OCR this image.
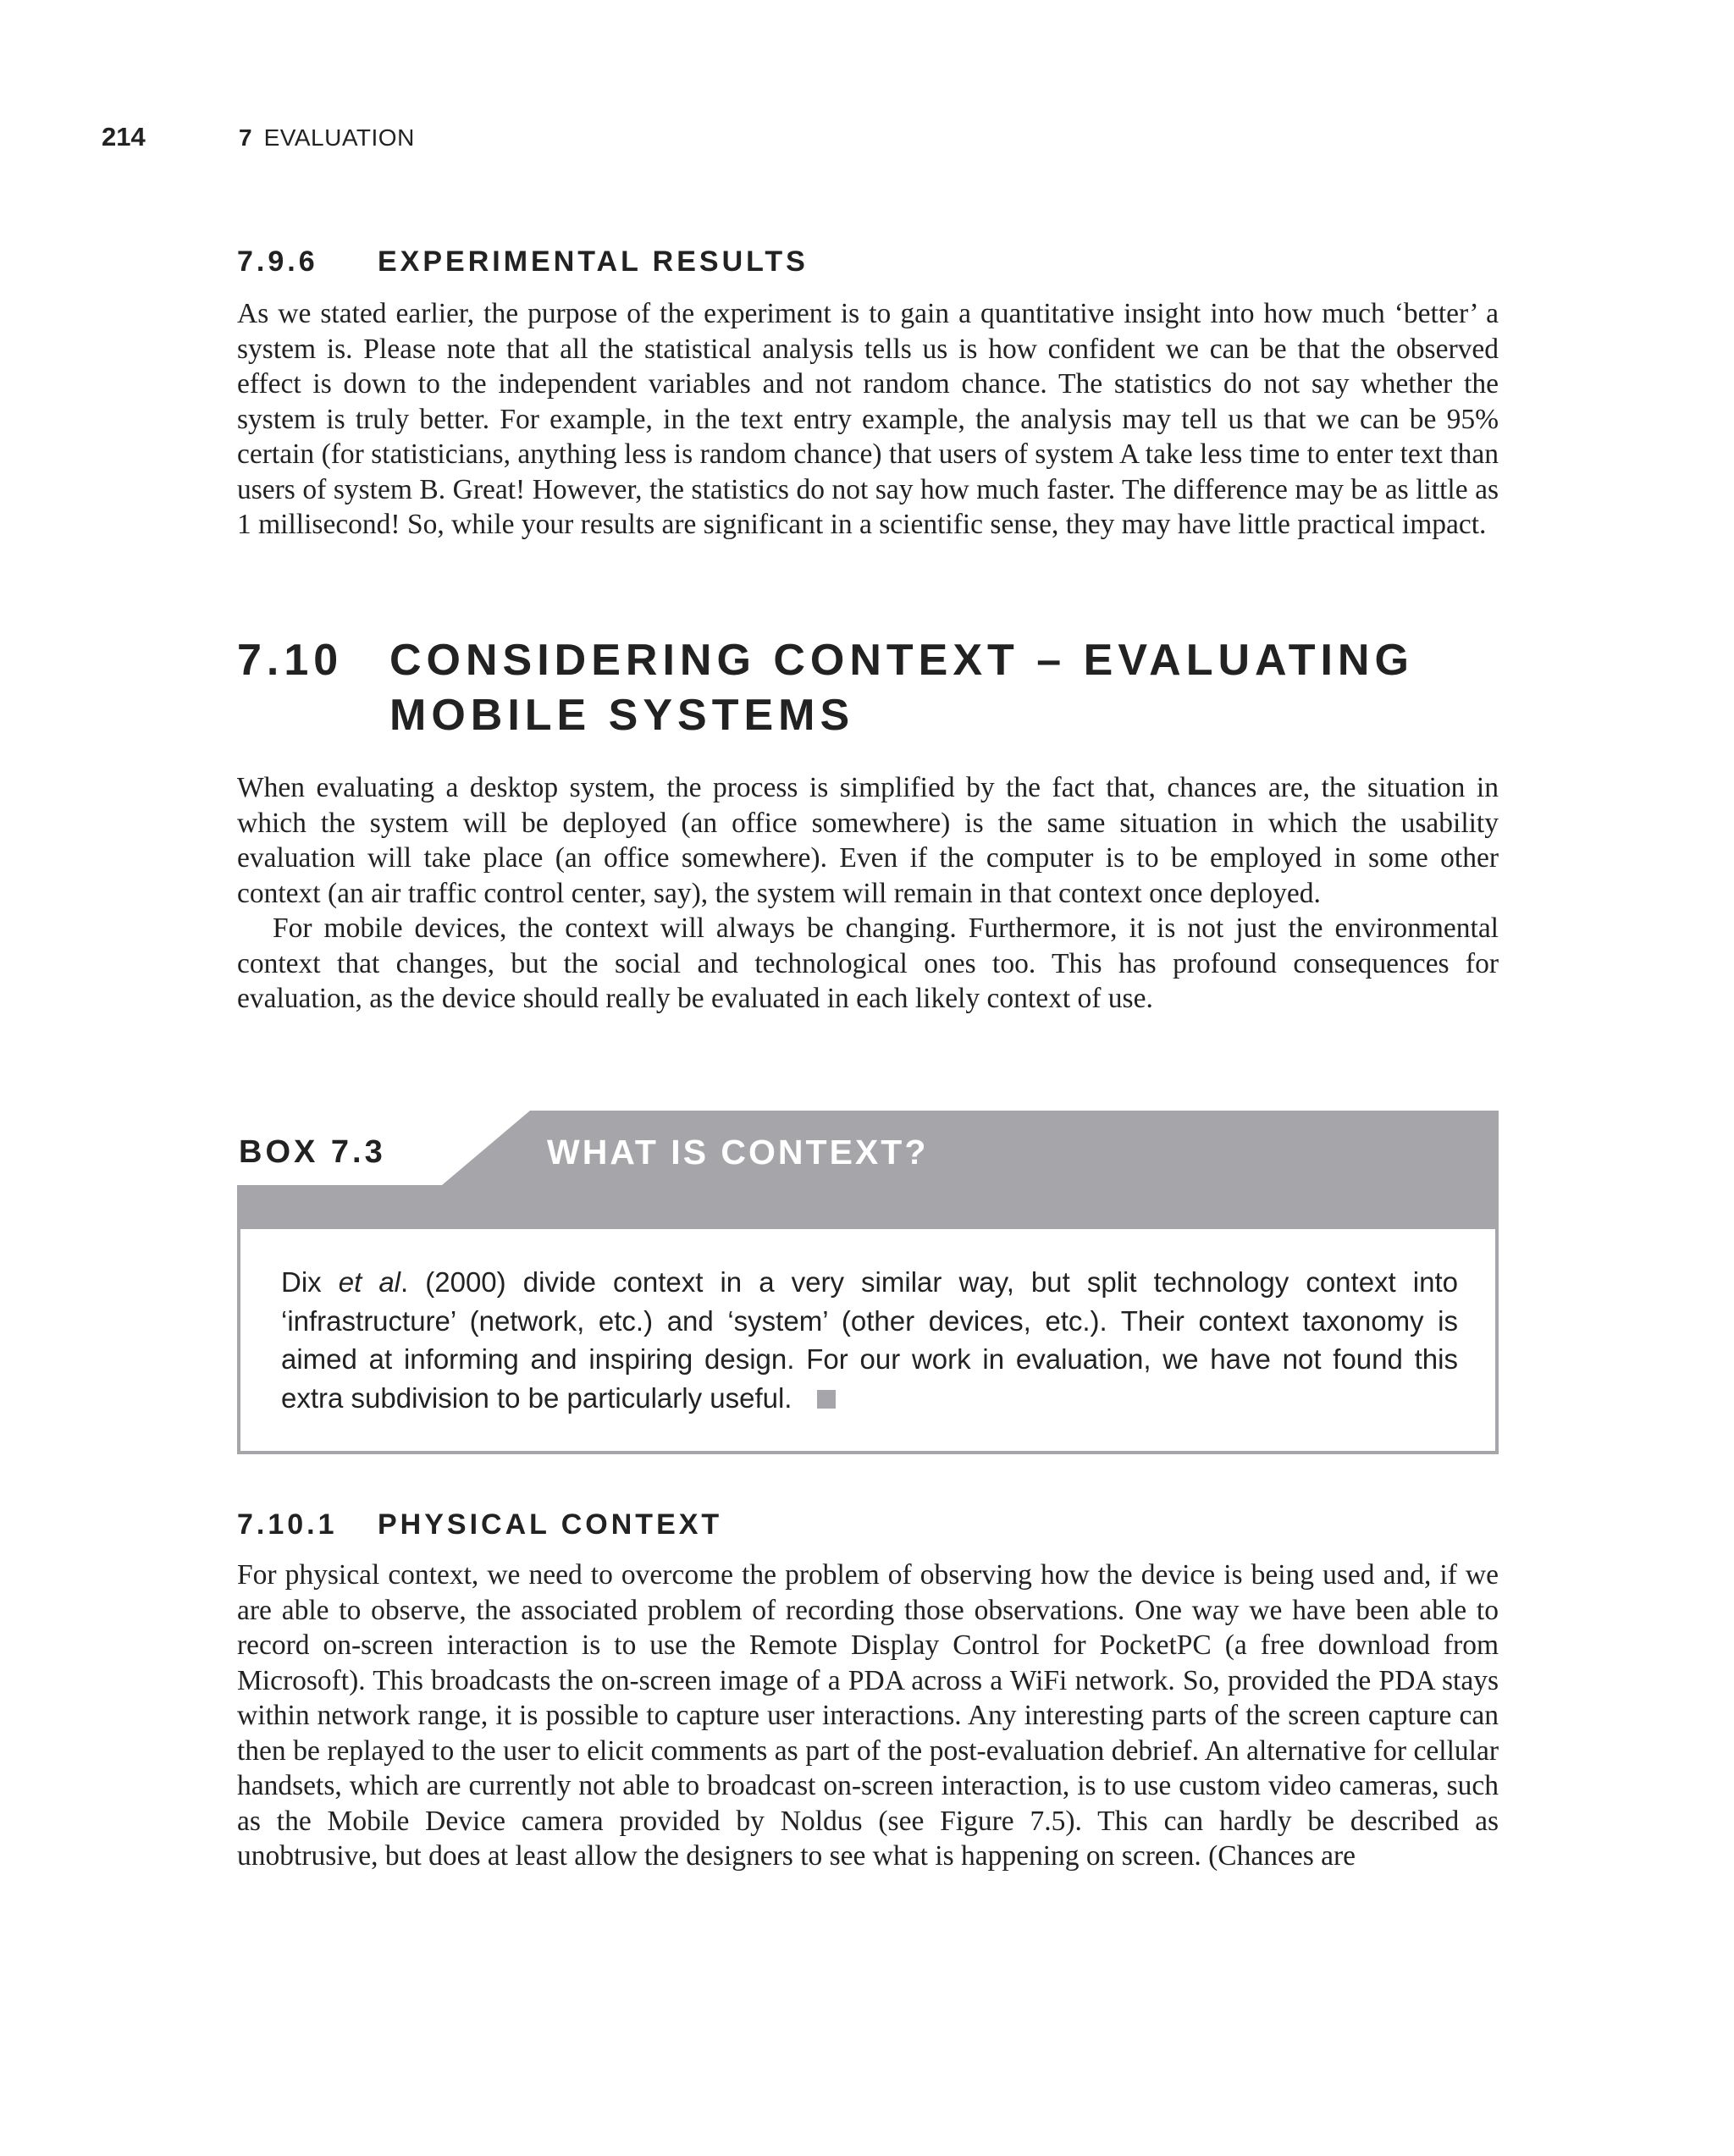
214	7 EVALUATION
7.9.6	EXPERIMENTAL RESULTS

As we stated earlier, the purpose of the experiment is to gain a quantitative insight into how much ‘better’ a system is. Please note that all the statistical analysis tells us is how confident we can be that the observed effect is down to the independent variables and not random chance. The statistics do not say whether the system is truly better. For example, in the text entry example, the analysis may tell us that we can be 95% certain (for statisticians, anything less is random chance) that users of system A take less time to enter text than users of system B. Great! However, the statistics do not say how much faster. The difference may be as little as 1 millisecond! So, while your results are significant in a scientific sense, they may have little practical impact.

7.10	CONSIDERING CONTEXT – EVALUATING
MOBILE SYSTEMS

When evaluating a desktop system, the process is simplified by the fact that, chances are, the situation in which the system will be deployed (an office somewhere) is the same situation in which the usability evaluation will take place (an office somewhere). Even if the computer is to be employed in some other context (an air traffic control center, say), the system will remain in that context once deployed.

For mobile devices, the context will always be changing. Furthermore, it is not just the environmental context that changes, but the social and technological ones too. This has profound consequences for evaluation, as the device should really be evaluated in each likely context of use.

BOX 7.3	WHAT IS CONTEXT?

Dix et al. (2000) divide context in a very similar way, but split technology context into ‘infrastructure’ (network, etc.) and ‘system’ (other devices, etc.). Their context taxonomy is aimed at informing and inspiring design. For our work in evaluation, we have not found this extra subdivision to be particularly useful.

7.10.1	PHYSICAL CONTEXT

For physical context, we need to overcome the problem of observing how the device is being used and, if we are able to observe, the associated problem of recording those observations. One way we have been able to record on-screen interaction is to use the Remote Display Control for PocketPC (a free download from Microsoft). This broadcasts the on-screen image of a PDA across a WiFi network. So, provided the PDA stays within network range, it is possible to capture user interactions. Any interesting parts of the screen capture can then be replayed to the user to elicit comments as part of the post-evaluation debrief. An alternative for cellular handsets, which are currently not able to broadcast on-screen interaction, is to use custom video cameras, such as the Mobile Device camera provided by Noldus (see Figure 7.5). This can hardly be described as unobtrusive, but does at least allow the designers to see what is happening on screen. (Chances are
